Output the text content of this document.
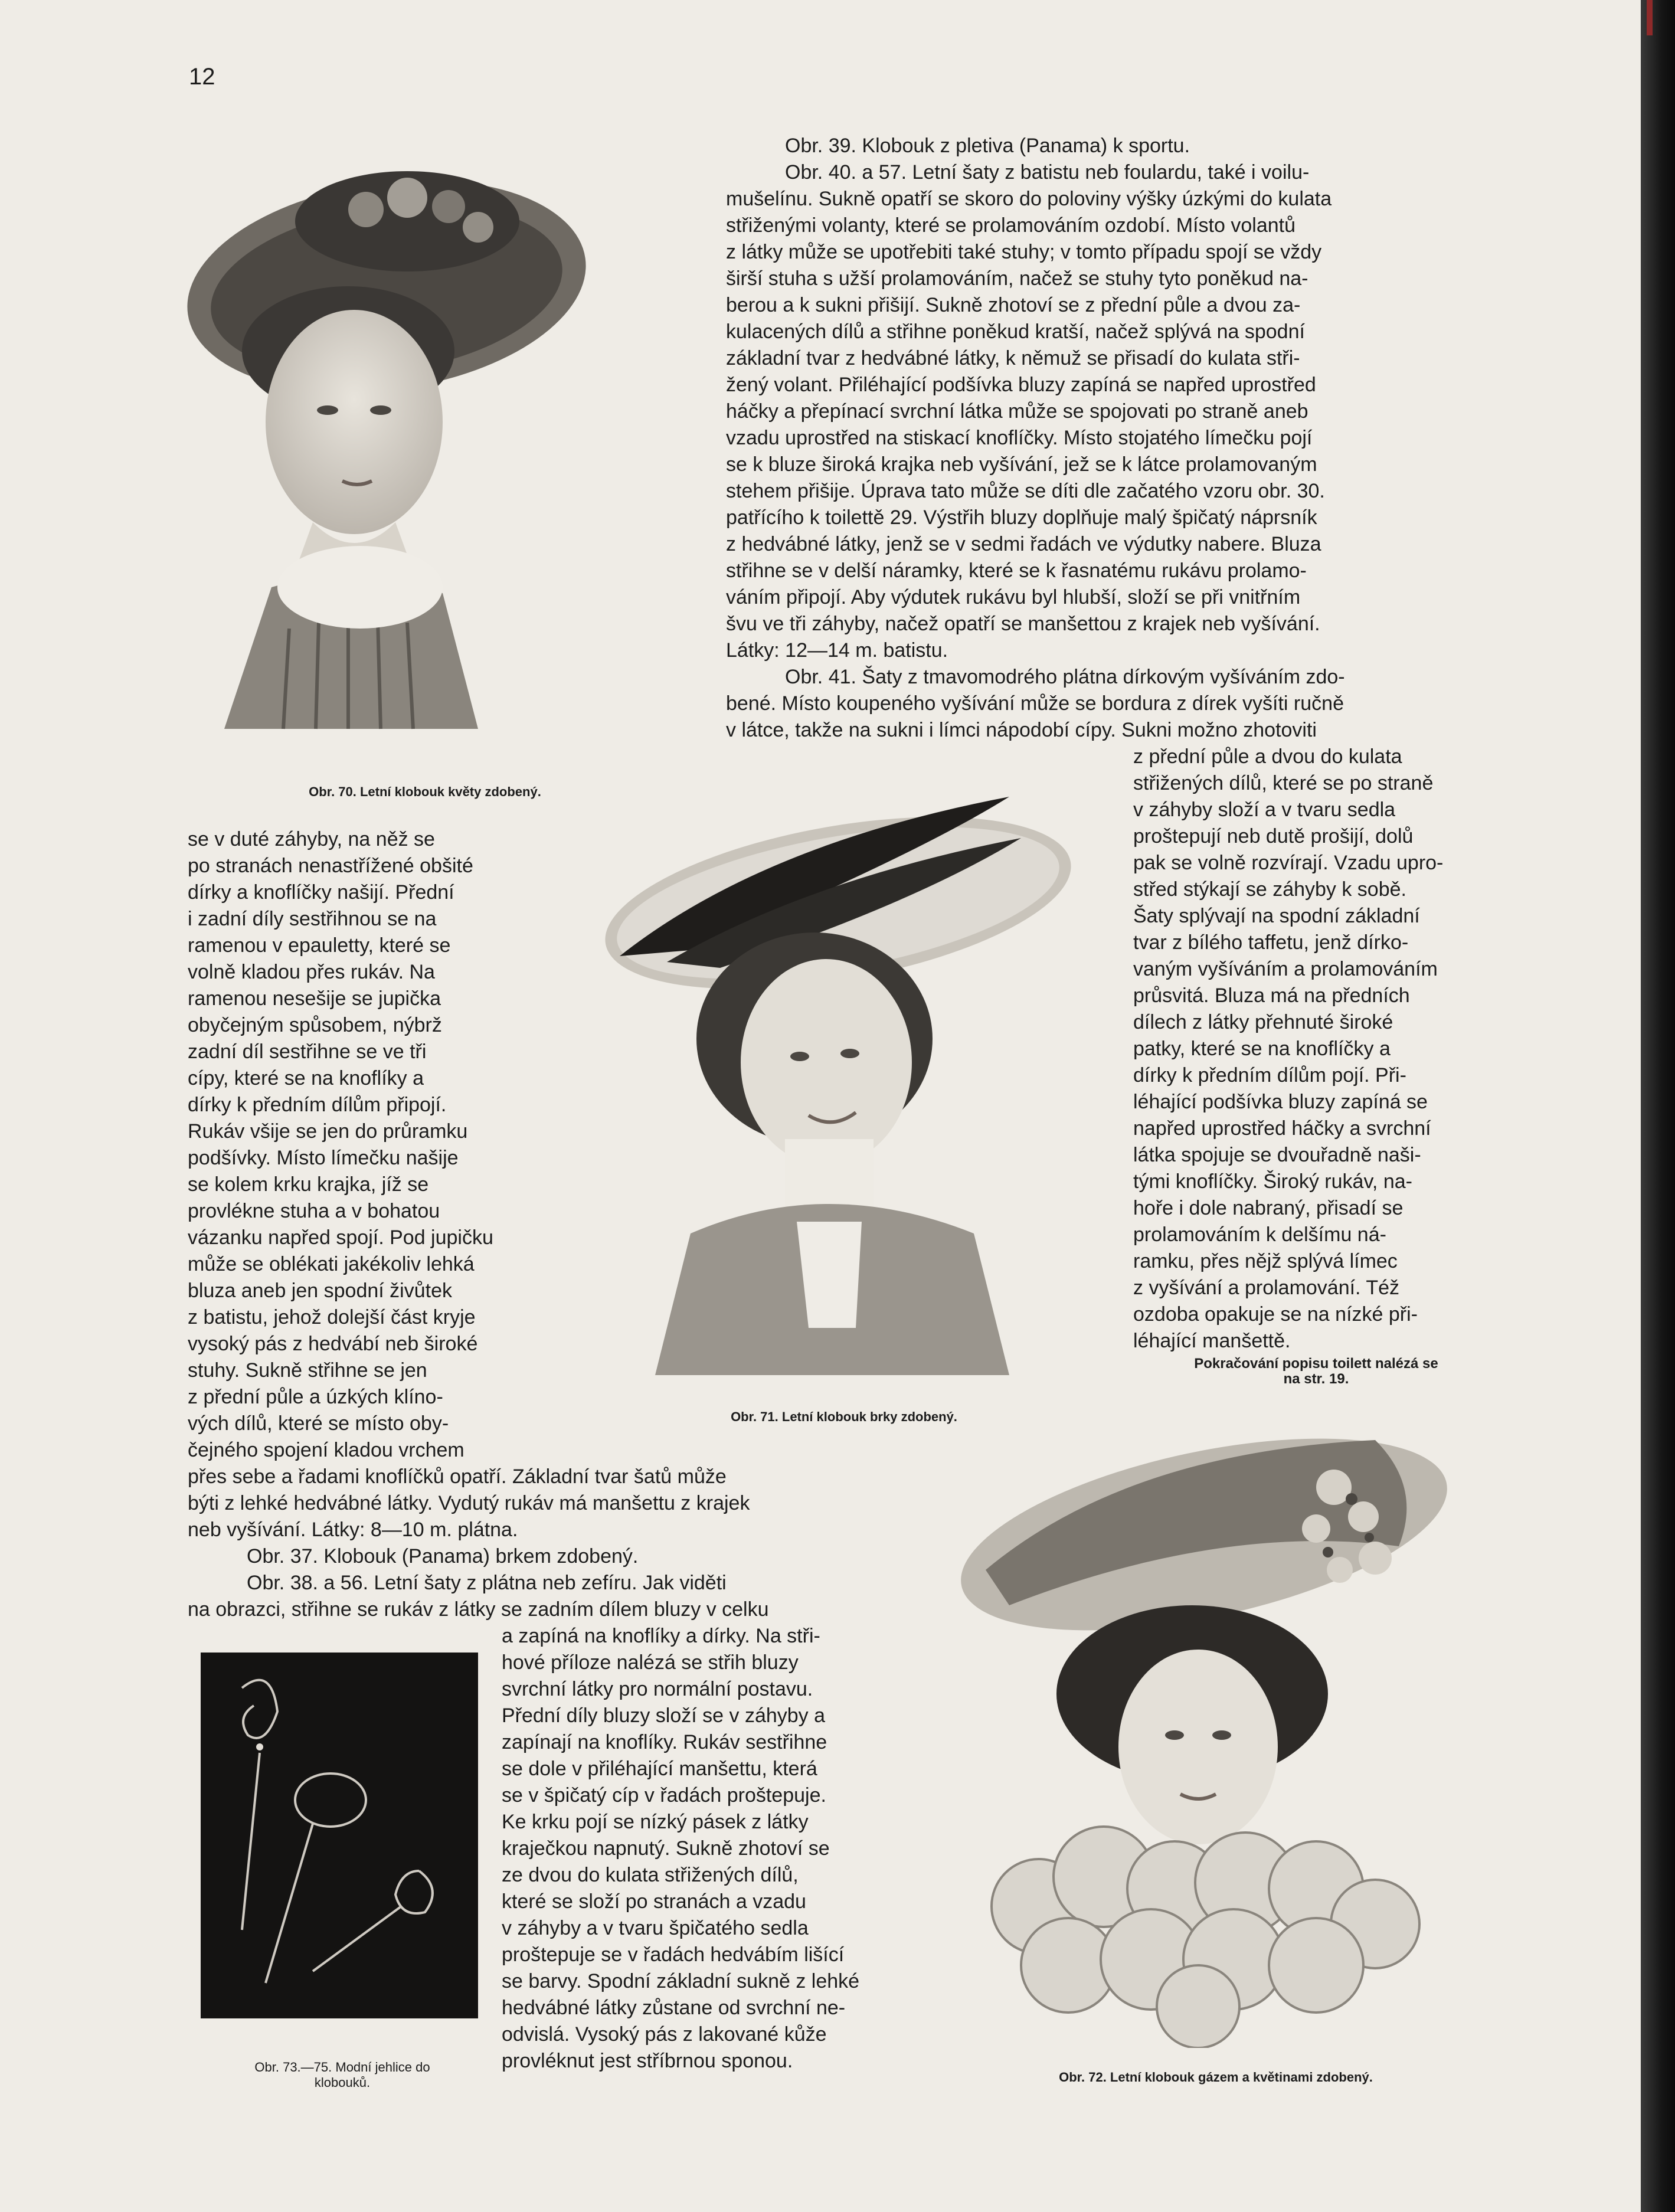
12
Obr. 70. Letní klobouk květy zdobený.

Obr. 39. Klobouk z pletiva (Panama) k sportu.

Obr. 40. a 57. Letní šaty z batistu neb foulardu, také i voilu-

mušelínu. Sukně opatří se skoro do poloviny výšky úzkými do kulata

střiženými volanty, které se prolamováním ozdobí. Místo volantů

z látky může se upotřebiti také stuhy; v tomto případu spojí se vždy

širší stuha s užší prolamováním, načež se stuhy tyto poněkud na-

berou a k sukni přišijí. Sukně zhotoví se z přední půle a dvou za-

kulacených dílů a střihne poněkud kratší, načež splývá na spodní

základní tvar z hedvábné látky, k němuž se přisadí do kulata stři-

žený volant. Přiléhající podšívka bluzy zapíná se napřed uprostřed

háčky a přepínací svrchní látka může se spojovati po straně aneb

vzadu uprostřed na stiskací knoflíčky. Místo stojatého límečku pojí

se k bluze široká krajka neb vyšívání, jež se k látce prolamovaným

stehem přišije. Úprava tato může se díti dle začatého vzoru obr. 30.

patřícího k toilettě 29. Výstřih bluzy doplňuje malý špičatý náprsník

z hedvábné látky, jenž se v sedmi řadách ve výdutky nabere. Bluza

střihne se v delší náramky, které se k řasnatému rukávu prolamo-

váním připojí. Aby výdutek rukávu byl hlubší, složí se při vnitřním

švu ve tři záhyby, načež opatří se manšettou z krajek neb vyšívání.

Látky: 12—14 m. batistu.

Obr. 41. Šaty z tmavomodrého plátna dírkovým vyšíváním zdo-

bené. Místo koupeného vyšívání může se bordura z dírek vyšíti ručně

v látce, takže na sukni i límci nápodobí cípy. Sukni možno zhotoviti

z přední půle a dvou do kulata

střižených dílů, které se po straně

v záhyby složí a v tvaru sedla

proštepují neb dutě prošijí, dolů

pak se volně rozvírají. Vzadu upro-

střed stýkají se záhyby k sobě.

Šaty splývají na spodní základní

tvar z bílého taffetu, jenž dírko-

vaným vyšíváním a prolamováním

průsvitá. Bluza má na předních

dílech z látky přehnuté široké

patky, které se na knoflíčky a

dírky k předním dílům pojí. Při-

léhající podšívka bluzy zapíná se

napřed uprostřed háčky a svrchní

látka spojuje se dvouřadně naši-

tými knoflíčky. Široký rukáv, na-

hoře i dole nabraný, přisadí se

prolamováním k delšímu ná-

ramku, přes nějž splývá límec

z vyšívání a prolamování. Též

ozdoba opakuje se na nízké při-

léhající manšettě.

Pokračování popisu toilett nalézá se
na str. 19.

se v duté záhyby, na něž se

po stranách nenastřížené obšité

dírky a knoflíčky našijí. Přední

i zadní díly sestřihnou se na

ramenou v epauletty, které se

volně kladou přes rukáv. Na

ramenou nesešije se jupička

obyčejným spůsobem, nýbrž

zadní díl sestřihne se ve tři

cípy, které se na knoflíky a

dírky k předním dílům připojí.

Rukáv všije se jen do průramku

podšívky. Místo límečku našije

se kolem krku krajka, jíž se

provlékne stuha a v bohatou

vázanku napřed spojí. Pod jupičku

může se oblékati jakékoliv lehká

bluza aneb jen spodní živůtek

z batistu, jehož dolejší část kryje

vysoký pás z hedvábí neb široké

stuhy. Sukně střihne se jen

z přední půle a úzkých klíno-

vých dílů, které se místo oby-

čejného spojení kladou vrchem

Obr. 71. Letní klobouk brky zdobený.

přes sebe a řadami knoflíčků opatří. Základní tvar šatů může

býti z lehké hedvábné látky. Vydutý rukáv má manšettu z krajek

neb vyšívání. Látky: 8—10 m. plátna.

Obr. 37. Klobouk (Panama) brkem zdobený.

Obr. 38. a 56. Letní šaty z plátna neb zefíru. Jak viděti

na obrazci, střihne se rukáv z látky se zadním dílem bluzy v celku

Obr. 73.—75. Modní jehlice do
klobouků.

a zapíná na knoflíky a dírky. Na stři-

hové příloze nalézá se střih bluzy

svrchní látky pro normální postavu.

Přední díly bluzy složí se v záhyby a

zapínají na knoflíky. Rukáv sestřihne

se dole v přiléhající manšettu, která

se v špičatý cíp v řadách proštepuje.

Ke krku pojí se nízký pásek z látky

kraječkou napnutý. Sukně zhotoví se

ze dvou do kulata střižených dílů,

které se složí po stranách a vzadu

v záhyby a v tvaru špičatého sedla

proštepuje se v řadách hedvábím lišící

se barvy. Spodní základní sukně z lehké

hedvábné látky zůstane od svrchní ne-

odvislá. Vysoký pás z lakované kůže

provléknut jest stříbrnou sponou.

Obr. 72. Letní klobouk gázem a květinami zdobený.
